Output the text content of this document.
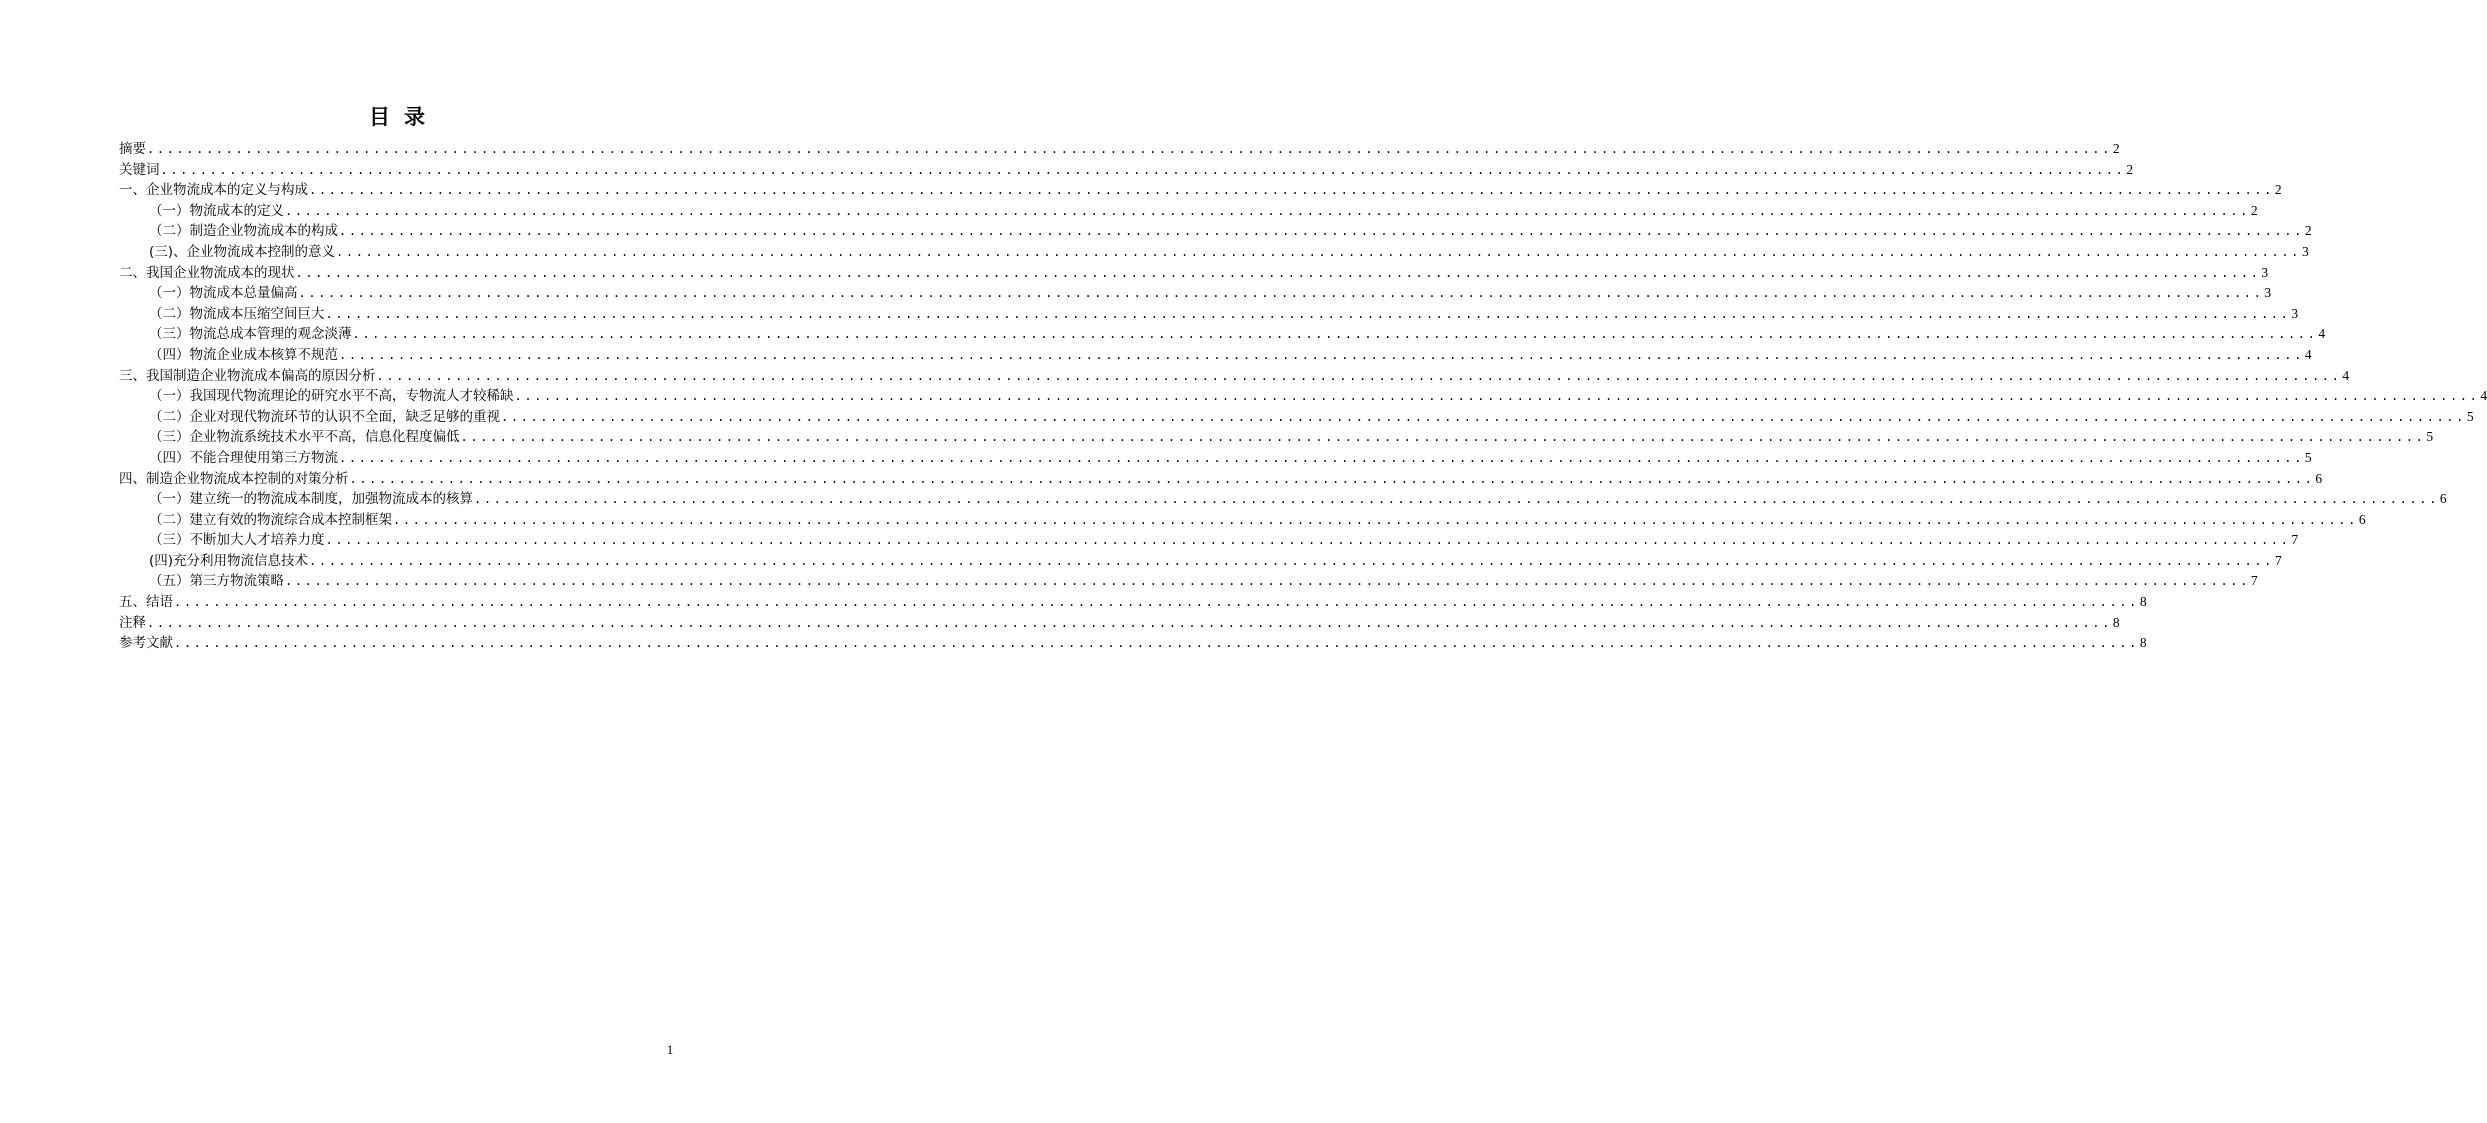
目录
摘要 ........................................................................................................................................................................................................ 2
关键词 ........................................................................................................................................................................................................ 2
一、企业物流成本的定义与构成 ........................................................................................................................................................................................................ 2
（一）物流成本的定义 ........................................................................................................................................................................................................ 2
（二）制造企业物流成本的构成 ........................................................................................................................................................................................................ 2
(三)、企业物流成本控制的意义 ........................................................................................................................................................................................................ 3
二、我国企业物流成本的现状 ........................................................................................................................................................................................................ 3
（一）物流成本总量偏高 ........................................................................................................................................................................................................ 3
（二）物流成本压缩空间巨大 ........................................................................................................................................................................................................ 3
（三）物流总成本管理的观念淡薄 ........................................................................................................................................................................................................ 4
（四）物流企业成本核算不规范 ........................................................................................................................................................................................................ 4
三、我国制造企业物流成本偏高的原因分析 ........................................................................................................................................................................................................ 4
（一）我国现代物流理论的研究水平不高，专物流人才较稀缺 ........................................................................................................................................................................................................ 4
（二）企业对现代物流环节的认识不全面，缺乏足够的重视 ........................................................................................................................................................................................................ 5
（三）企业物流系统技术水平不高，信息化程度偏低 ........................................................................................................................................................................................................ 5
（四）不能合理使用第三方物流 ........................................................................................................................................................................................................ 5
四、制造企业物流成本控制的对策分析 ........................................................................................................................................................................................................ 6
（一）建立统一的物流成本制度，加强物流成本的核算 ........................................................................................................................................................................................................ 6
（二）建立有效的物流综合成本控制框架 ........................................................................................................................................................................................................ 6
（三）不断加大人才培养力度 ........................................................................................................................................................................................................ 7
(四)充分利用物流信息技术 ........................................................................................................................................................................................................ 7
（五）第三方物流策略 ........................................................................................................................................................................................................ 7
五、结语 ........................................................................................................................................................................................................ 8
注释 ........................................................................................................................................................................................................ 8
参考文献 ........................................................................................................................................................................................................ 8
1
